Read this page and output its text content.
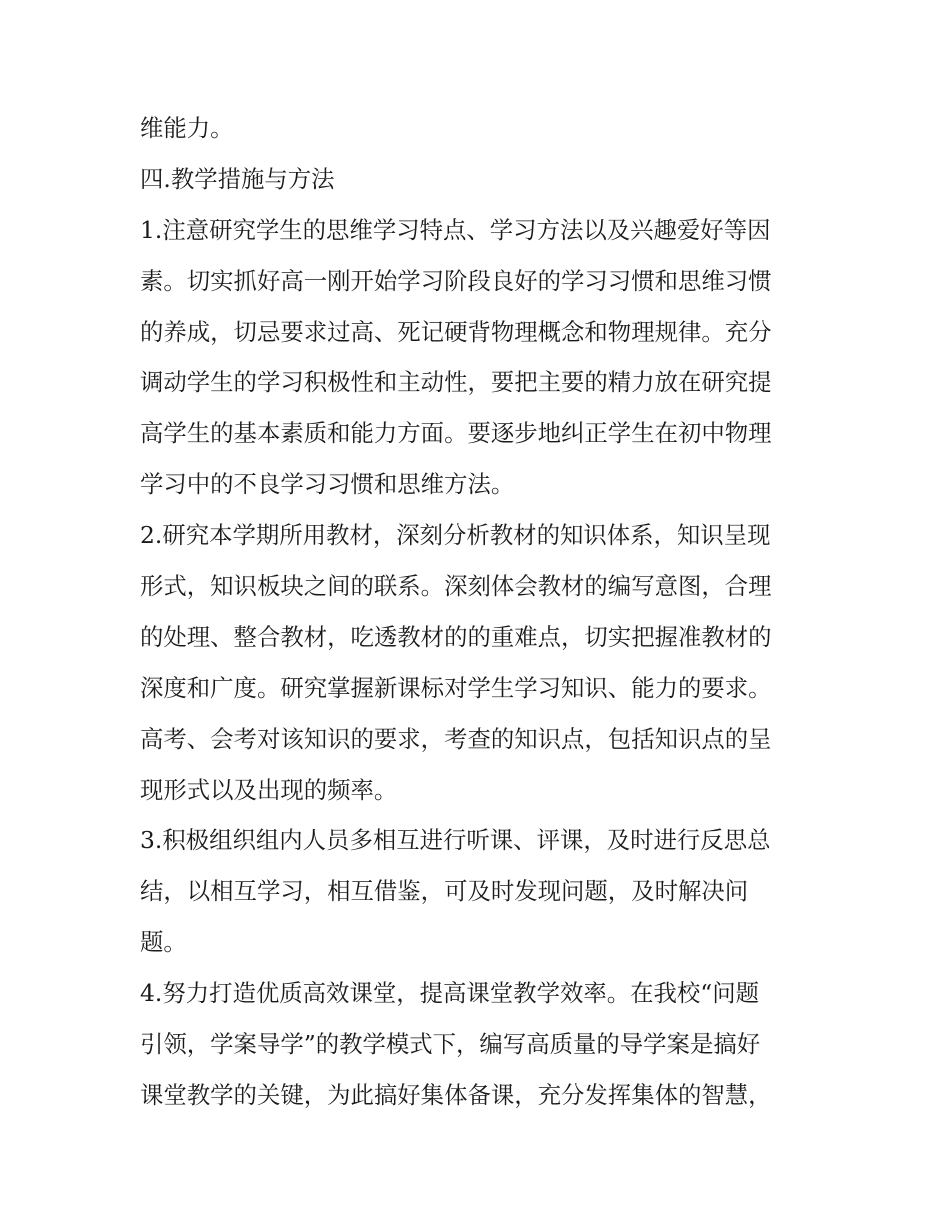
维能力。
四.教学措施与方法
1.注意研究学生的思维学习特点、学习方法以及兴趣爱好等因
素。切实抓好高一刚开始学习阶段良好的学习习惯和思维习惯
的养成，切忌要求过高、死记硬背物理概念和物理规律。充分
调动学生的学习积极性和主动性，要把主要的精力放在研究提
高学生的基本素质和能力方面。要逐步地纠正学生在初中物理
学习中的不良学习习惯和思维方法。
2.研究本学期所用教材，深刻分析教材的知识体系，知识呈现
形式，知识板块之间的联系。深刻体会教材的编写意图，合理
的处理、整合教材，吃透教材的的重难点，切实把握准教材的
深度和广度。研究掌握新课标对学生学习知识、能力的要求。
高考、会考对该知识的要求，考查的知识点，包括知识点的呈
现形式以及出现的频率。
3.积极组织组内人员多相互进行听课、评课，及时进行反思总
结，以相互学习，相互借鉴，可及时发现问题，及时解决问
题。
4.努力打造优质高效课堂，提高课堂教学效率。在我校“问题
引领，学案导学”的教学模式下，编写高质量的导学案是搞好
课堂教学的关键，为此搞好集体备课，充分发挥集体的智慧，
